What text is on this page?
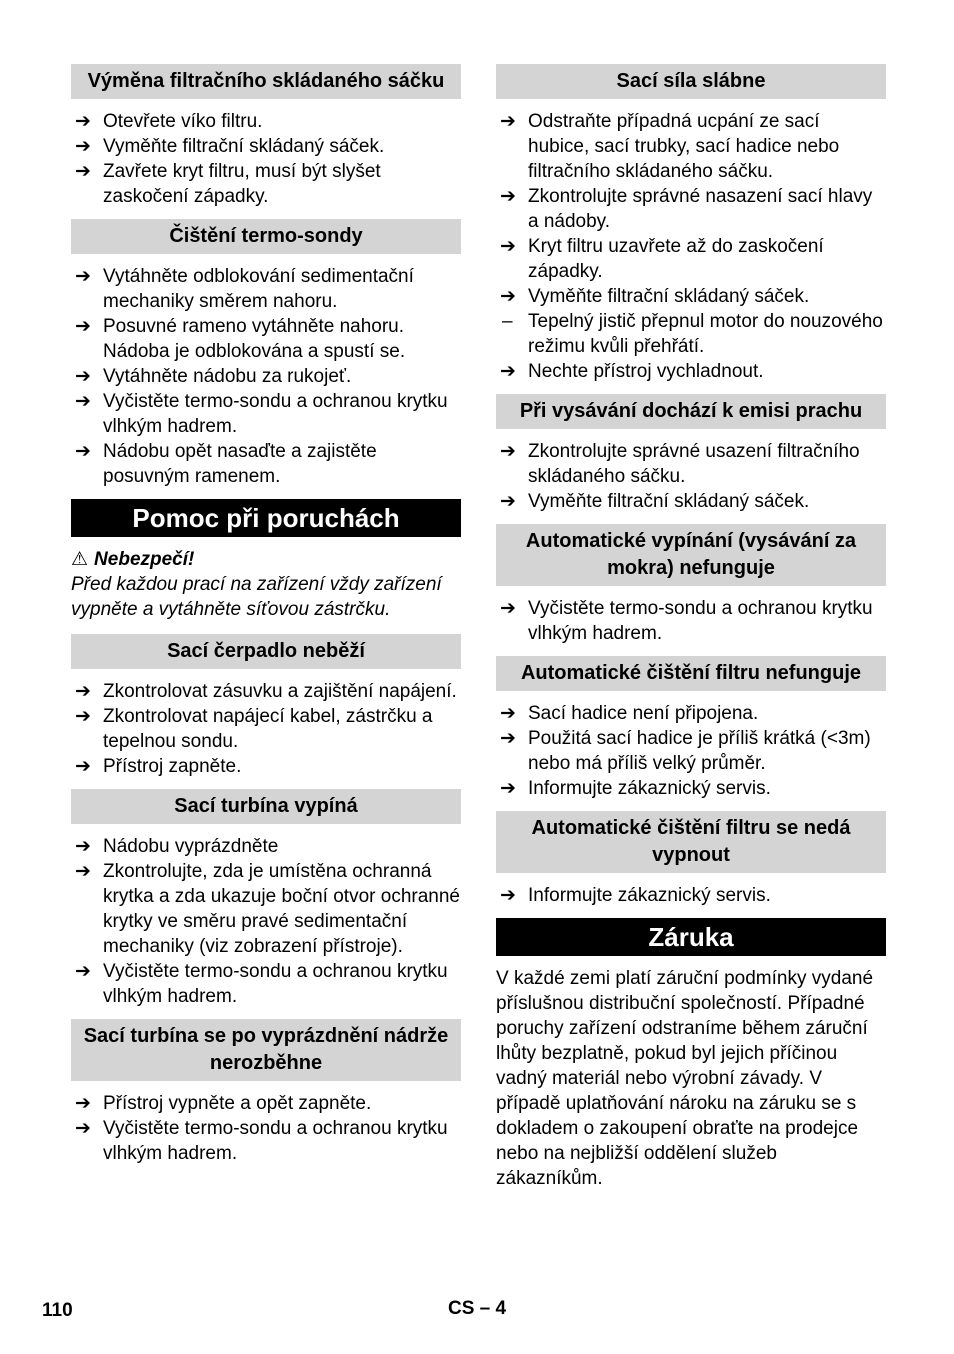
Výměna filtračního skládaného sáčku
➔ Otevřete víko filtru.
➔ Vyměňte filtrační skládaný sáček.
➔ Zavřete kryt filtru, musí být slyšet zaskočení západky.
Čištění termo-sondy
➔ Vytáhněte odblokování sedimentační mechaniky směrem nahoru.
➔ Posuvné rameno vytáhněte nahoru. Nádoba je odblokována a spustí se.
➔ Vytáhněte nádobu za rukojeť.
➔ Vyčistěte termo-sondu a ochranou krytku vlhkým hadrem.
➔ Nádobu opět nasaďte a zajistěte posuvným ramenem.
Pomoc při poruchách

⚠ Nebezpečí!

Před každou prací na zařízení vždy zařízení vypněte a vytáhněte síťovou zástrčku.

Sací čerpadlo neběží
➔ Zkontrolovat zásuvku a zajištění napájení.
➔ Zkontrolovat napájecí kabel, zástrčku a tepelnou sondu.
➔ Přístroj zapněte.
Sací turbína vypíná
➔ Nádobu vyprázdněte
➔ Zkontrolujte, zda je umístěna ochranná krytka a zda ukazuje boční otvor ochranné krytky ve směru pravé sedimentační mechaniky (viz zobrazení přístroje).
➔ Vyčistěte termo-sondu a ochranou krytku vlhkým hadrem.
Sací turbína se po vyprázdnění nádrže nerozběhne
➔ Přístroj vypněte a opět zapněte.
➔ Vyčistěte termo-sondu a ochranou krytku vlhkým hadrem.
Sací síla slábne
➔ Odstraňte případná ucpání ze sací hubice, sací trubky, sací hadice nebo filtračního skládaného sáčku.
➔ Zkontrolujte správné nasazení sací hlavy a nádoby.
➔ Kryt filtru uzavřete až do zaskočení západky.
➔ Vyměňte filtrační skládaný sáček.
– Tepelný jistič přepnul motor do nouzového režimu kvůli přehřátí.
➔ Nechte přístroj vychladnout.
Při vysávání dochází k emisi prachu
➔ Zkontrolujte správné usazení filtračního skládaného sáčku.
➔ Vyměňte filtrační skládaný sáček.
Automatické vypínání (vysávání za mokra) nefunguje
➔ Vyčistěte termo-sondu a ochranou krytku vlhkým hadrem.
Automatické čištění filtru nefunguje
➔ Sací hadice není připojena.
➔ Použitá sací hadice je příliš krátká (<3m) nebo má příliš velký průměr.
➔ Informujte zákaznický servis.
Automatické čištění filtru se nedá vypnout
➔ Informujte zákaznický servis.
Záruka

V každé zemi platí záruční podmínky vydané příslušnou distribuční společností. Případné poruchy zařízení odstraníme během záruční lhůty bezplatně, pokud byl jejich příčinou vadný materiál nebo výrobní závady. V případě uplatňování nároku na záruku se s dokladem o zakoupení obraťte na prodejce nebo na nejbližší oddělení služeb zákazníkům.

110	CS – 4
